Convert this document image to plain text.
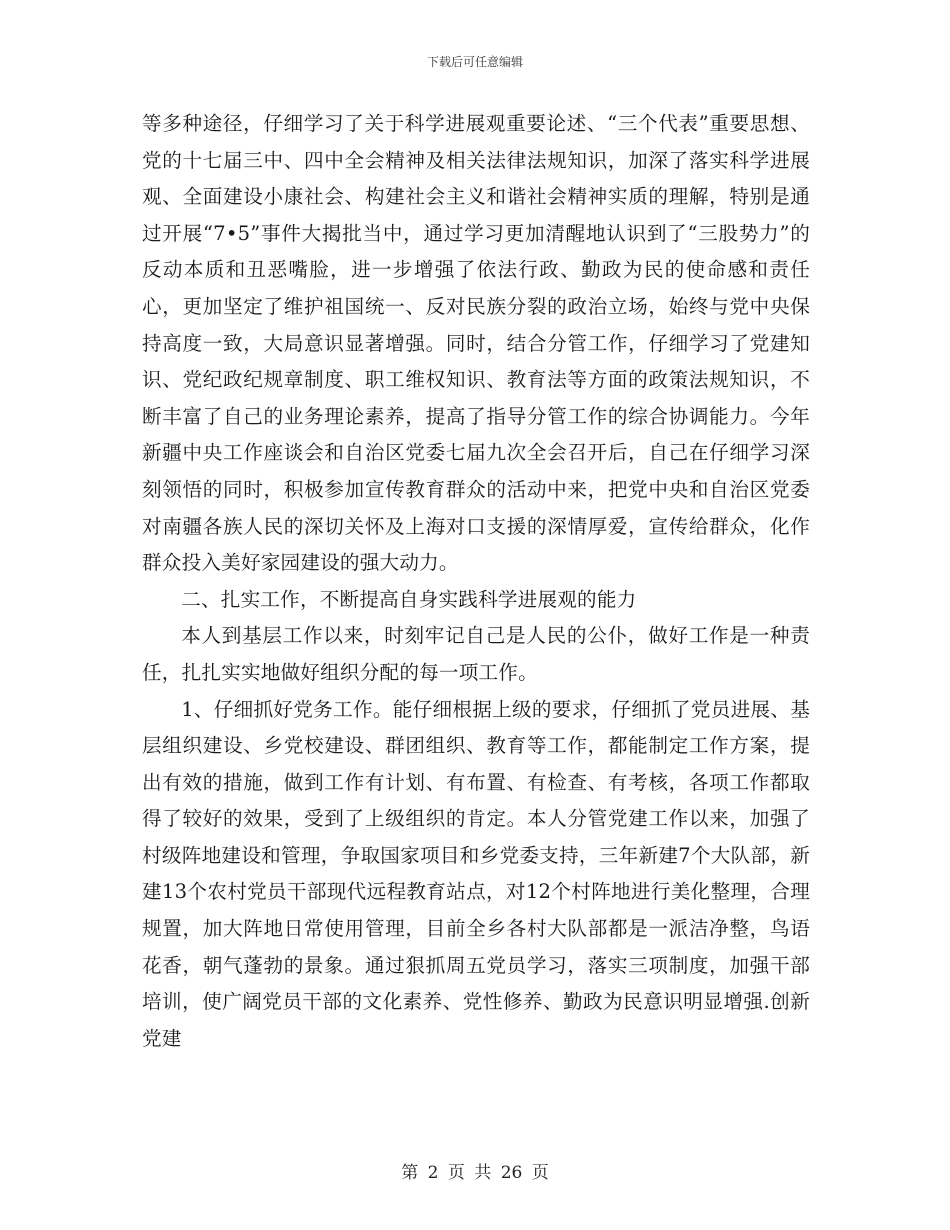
下载后可任意编辑

等多种途径，仔细学习了关于科学进展观重要论述、“三个代表”重要思想、党的十七届三中、四中全会精神及相关法律法规知识，加深了落实科学进展观、全面建设小康社会、构建社会主义和谐社会精神实质的理解，特别是通过开展“7•5”事件大揭批当中，通过学习更加清醒地认识到了“三股势力”的反动本质和丑恶嘴脸，进一步增强了依法行政、勤政为民的使命感和责任心，更加坚定了维护祖国统一、反对民族分裂的政治立场，始终与党中央保持高度一致，大局意识显著增强。同时，结合分管工作，仔细学习了党建知识、党纪政纪规章制度、职工维权知识、教育法等方面的政策法规知识，不断丰富了自己的业务理论素养，提高了指导分管工作的综合协调能力。今年新疆中央工作座谈会和自治区党委七届九次全会召开后，自己在仔细学习深刻领悟的同时，积极参加宣传教育群众的活动中来，把党中央和自治区党委对南疆各族人民的深切关怀及上海对口支援的深情厚爱，宣传给群众，化作群众投入美好家园建设的强大动力。

二、扎实工作，不断提高自身实践科学进展观的能力

本人到基层工作以来，时刻牢记自己是人民的公仆，做好工作是一种责任，扎扎实实地做好组织分配的每一项工作。

1、仔细抓好党务工作。能仔细根据上级的要求，仔细抓了党员进展、基层组织建设、乡党校建设、群团组织、教育等工作，都能制定工作方案，提出有效的措施，做到工作有计划、有布置、有检查、有考核，各项工作都取得了较好的效果，受到了上级组织的肯定。本人分管党建工作以来，加强了村级阵地建设和管理，争取国家项目和乡党委支持，三年新建7个大队部，新建13个农村党员干部现代远程教育站点，对12个村阵地进行美化整理，合理规置，加大阵地日常使用管理，目前全乡各村大队部都是一派洁净整，鸟语花香，朝气蓬勃的景象。通过狠抓周五党员学习，落实三项制度，加强干部培训，使广阔党员干部的文化素养、党性修养、勤政为民意识明显增强.创新党建

第 2 页 共 26 页
